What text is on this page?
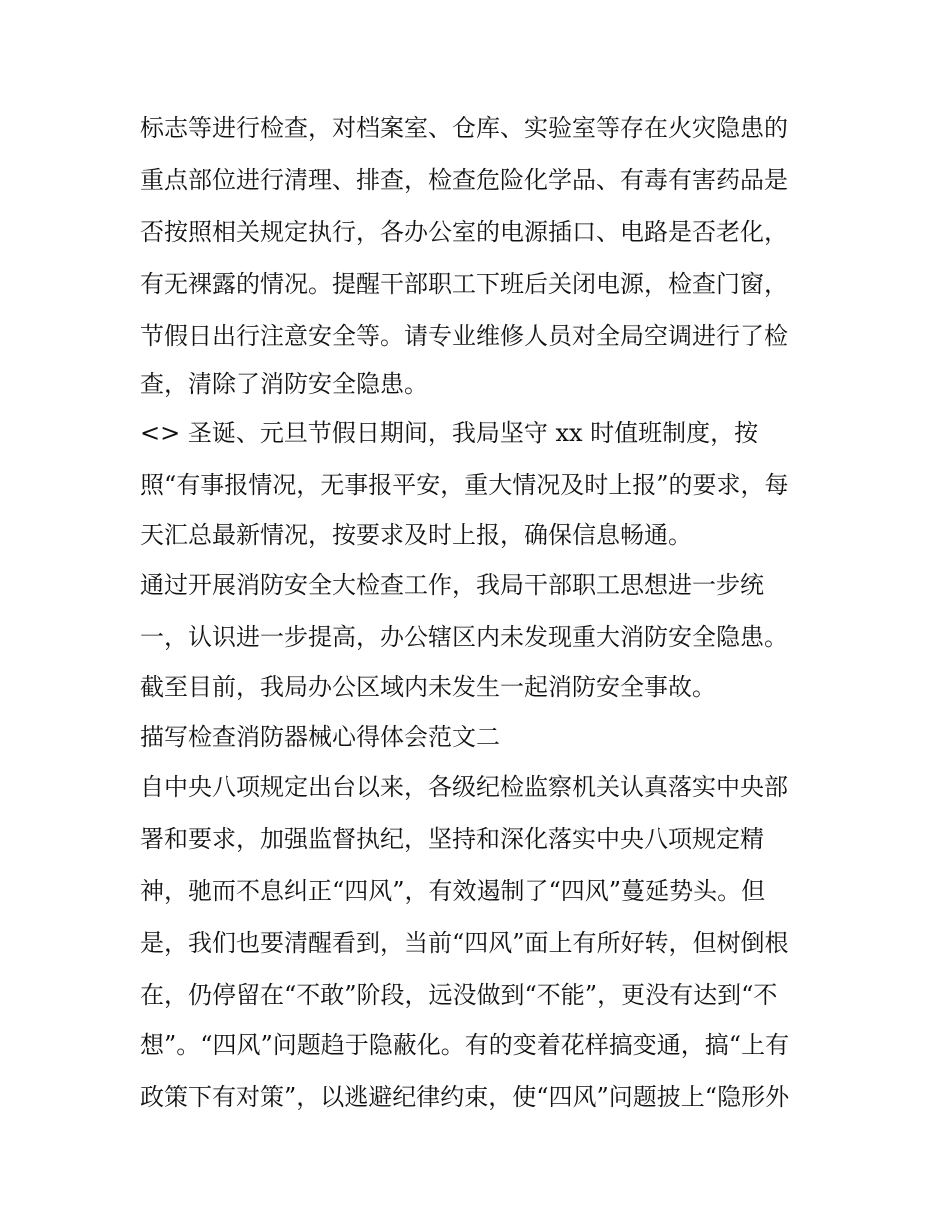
标志等进行检查，对档案室、仓库、实验室等存在火灾隐患的

重点部位进行清理、排查，检查危险化学品、有毒有害药品是

否按照相关规定执行，各办公室的电源插口、电路是否老化，

有无裸露的情况。提醒干部职工下班后关闭电源，检查门窗，

节假日出行注意安全等。请专业维修人员对全局空调进行了检

查，清除了消防安全隐患。

<> 圣诞、元旦节假日期间，我局坚守 xx 时值班制度，按

照“有事报情况，无事报平安，重大情况及时上报”的要求，每

天汇总最新情况，按要求及时上报，确保信息畅通。

通过开展消防安全大检查工作，我局干部职工思想进一步统

一，认识进一步提高，办公辖区内未发现重大消防安全隐患。

截至目前，我局办公区域内未发生一起消防安全事故。

描写检查消防器械心得体会范文二

自中央八项规定出台以来，各级纪检监察机关认真落实中央部

署和要求，加强监督执纪，坚持和深化落实中央八项规定精

神，驰而不息纠正“四风”，有效遏制了“四风”蔓延势头。但

是，我们也要清醒看到，当前“四风”面上有所好转，但树倒根

在，仍停留在“不敢”阶段，远没做到“不能”，更没有达到“不

想”。“四风”问题趋于隐蔽化。有的变着花样搞变通，搞“上有

政策下有对策”，以逃避纪律约束，使“四风”问题披上“隐形外
